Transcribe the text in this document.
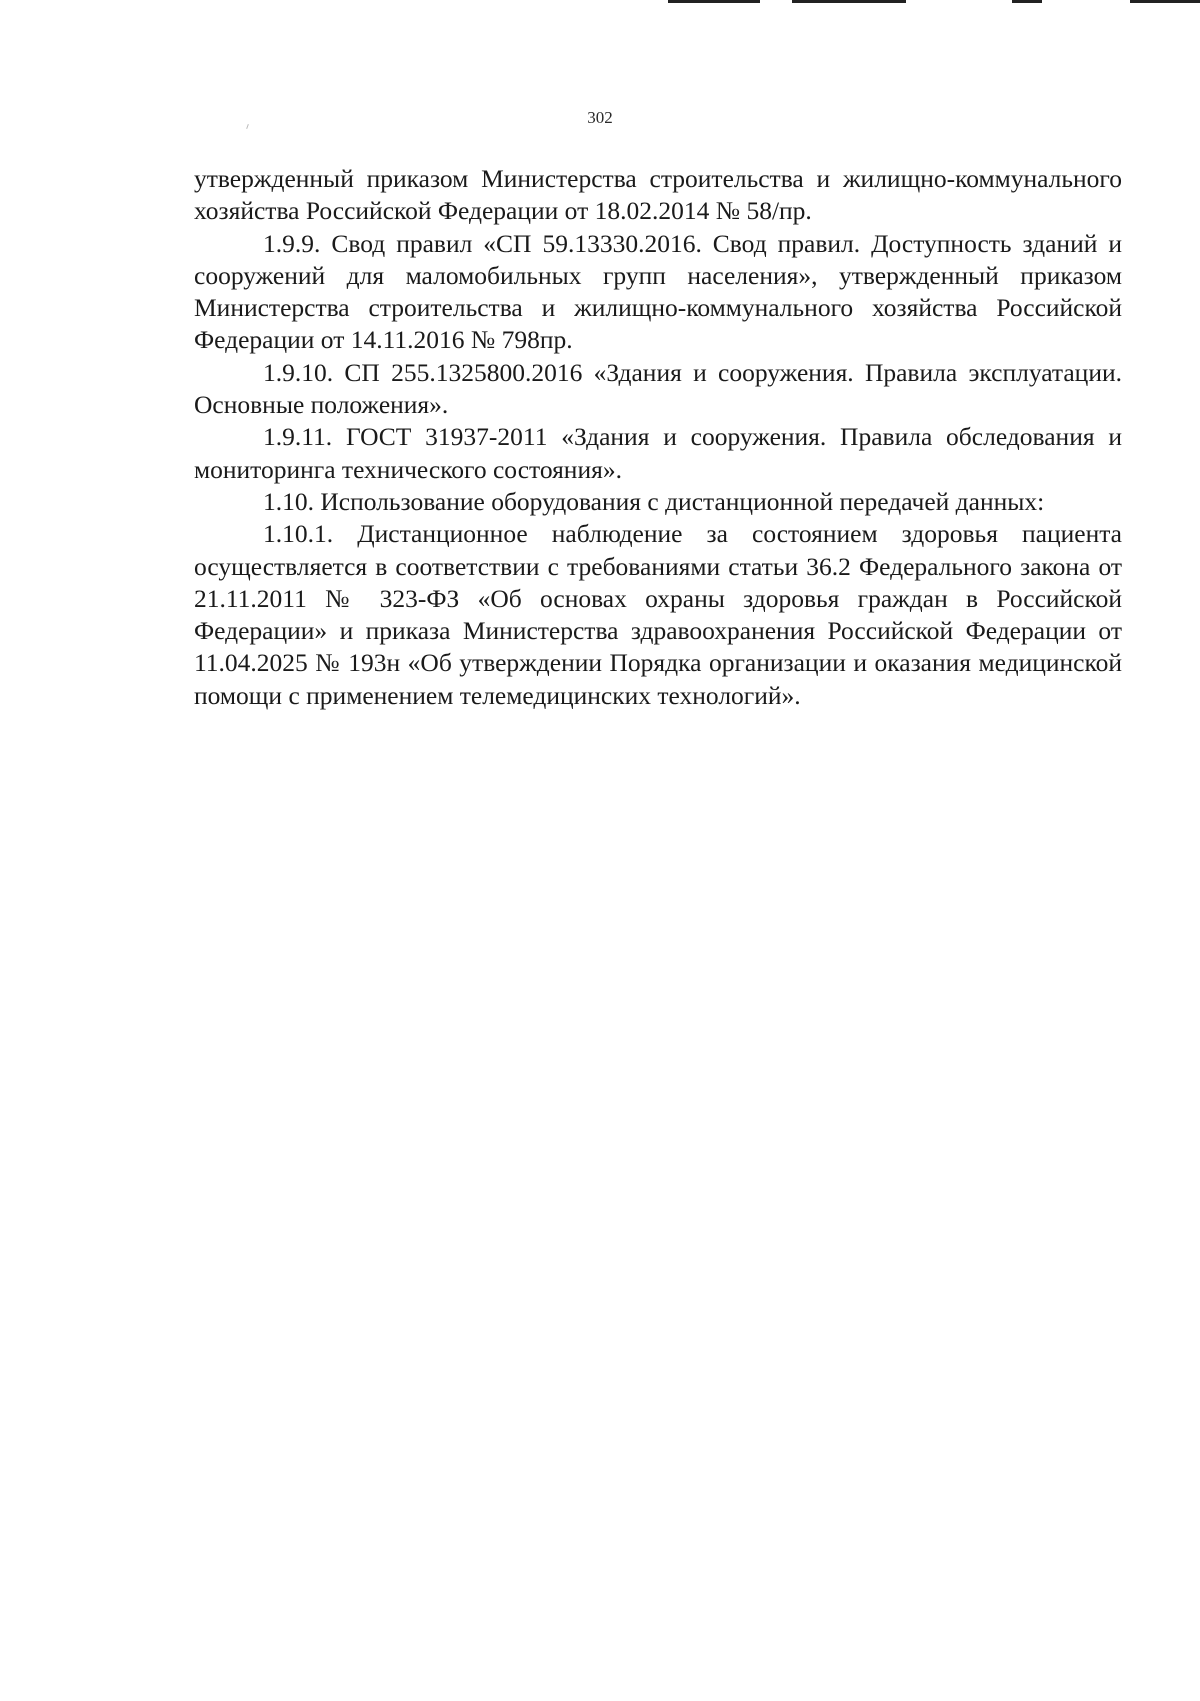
302

утвержденный приказом Министерства строительства и жилищно-коммунального хозяйства Российской Федерации от 18.02.2014 № 58/пр.

1.9.9. Свод правил «СП 59.13330.2016. Свод правил. Доступность зданий и сооружений для маломобильных групп населения», утвержденный приказом Министерства строительства и жилищно-коммунального хозяйства Российской Федерации от 14.11.2016 № 798пр.

1.9.10. СП 255.1325800.2016 «Здания и сооружения. Правила эксплуатации. Основные положения».

1.9.11. ГОСТ 31937-2011 «Здания и сооружения. Правила обследования и мониторинга технического состояния».

1.10. Использование оборудования с дистанционной передачей данных:

1.10.1. Дистанционное наблюдение за состоянием здоровья пациента осуществляется в соответствии с требованиями статьи 36.2 Федерального закона от 21.11.2011 № 323-ФЗ «Об основах охраны здоровья граждан в Российской Федерации» и приказа Министерства здравоохранения Российской Федерации от 11.04.2025 № 193н «Об утверждении Порядка организации и оказания медицинской помощи с применением телемедицинских технологий».
